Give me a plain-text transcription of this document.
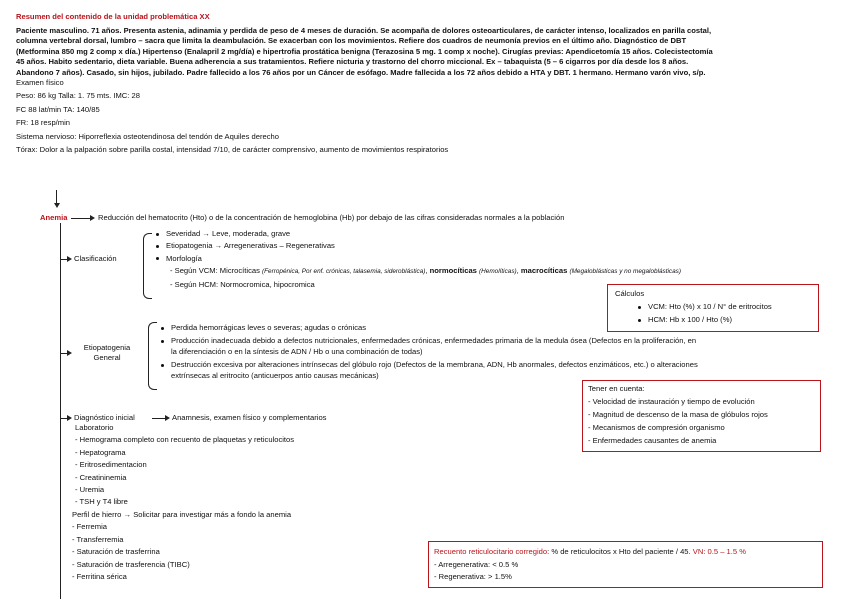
Resumen del contenido de la unidad problemática XX
Paciente masculino. 71 años. Presenta astenia, adinamia y perdida de peso de 4 meses de duración. Se acompaña de dolores osteoarticulares, de carácter intenso, localizados en parilla costal,
columna vertebral dorsal, lumbro – sacra que limita la deambulación. Se exacerban con los movimientos. Refiere dos cuadros de neumonía previos en el último año. Diagnóstico de DBT
(Metformina 850 mg 2 comp x día.) Hipertenso (Enalapril 2 mg/día) e hipertrofia prostática benigna (Terazosina 5 mg. 1 comp x noche). Cirugías previas: Apendicetomía 15 años. Colecistectomía
45 años. Habito sedentario, dieta variable. Buena adherencia a sus tratamientos. Refiere nicturia y trastorno del chorro miccional. Ex – tabaquista (5 – 6 cigarros por día desde los 8 años.
Abandono 7 años). Casado, sin hijos, jubilado. Padre fallecido a los 76 años por un Cáncer de esófago. Madre fallecida a los 72 años debido a HTA y DBT. 1 hermano. Hermano varón vivo, s/p.
Examen físico
Peso: 86 kg Talla: 1. 75 mts. IMC: 28
FC 88 lat/min TA: 140/85
FR: 18 resp/min
Sistema nervioso: Hiporreflexia osteotendinosa del tendón de Aquiles derecho
Tórax: Dolor a la palpación sobre parilla costal, intensidad 7/10, de carácter comprensivo, aumento de movimientos respiratorios
Anemia	Reducción del hematocrito (Hto) o de la concentración de hemoglobina (Hb) por debajo de las cifras consideradas normales a la población
Clasificación
Severidad → Leve, moderada, grave
Etiopatogenia → Arregenerativas – Regenerativas
Morfología
- Según VCM: Microcíticas (Ferropénica, Por enf. crónicas, talasemia, sideroblástica), normocíticas (Hemolíticas), macrocíticas (Megaloblásticas y no megaloblásticas)
- Según HCM: Normocromica, hipocromica
Cálculos
VCM: Hto (%) x 10 / N° de eritrocitos
HCM: Hb x 100 / Hto (%)
Etiopatogenia
General
Perdida hemorrágicas leves o severas; agudas o crónicas
Producción inadecuada debido a defectos nutricionales, enfermedades crónicas, enfermedades primaria de la medula ósea (Defectos en la proliferación, en
la diferenciación o en la síntesis de ADN / Hb o una combinación de todas)
Destrucción excesiva por alteraciones intrínsecas del glóbulo rojo (Defectos de la membrana, ADN, Hb anormales, defectos enzimáticos, etc.) o alteraciones
extrínsecas al eritrocito (anticuerpos antio causas mecánicas)
Tener en cuenta:
- Velocidad de instauración y tiempo de evolución
- Magnitud de descenso de la masa de glóbulos rojos
- Mecanismos de compresión organismo
- Enfermedades causantes de anemia
Diagnóstico inicial	Anamnesis, examen físico y complementarios
Laboratorio
- Hemograma completo con recuento de plaquetas y reticulocitos
- Hepatograma
- Eritrosedimentacion
- Creatininemia
- Uremia
- TSH y T4 libre
Perfil de hierro → Solicitar para investigar más a fondo la anemia
- Ferremia
- Transferremia
- Saturación de trasferrina
- Saturación de trasferencia (TIBC)
- Ferritina sérica
Recuento reticulocitario corregido: % de reticulocitos x Hto del paciente / 45. VN: 0.5 – 1.5 %
- Arregenerativa: < 0.5 %
- Regenerativa: > 1.5%
